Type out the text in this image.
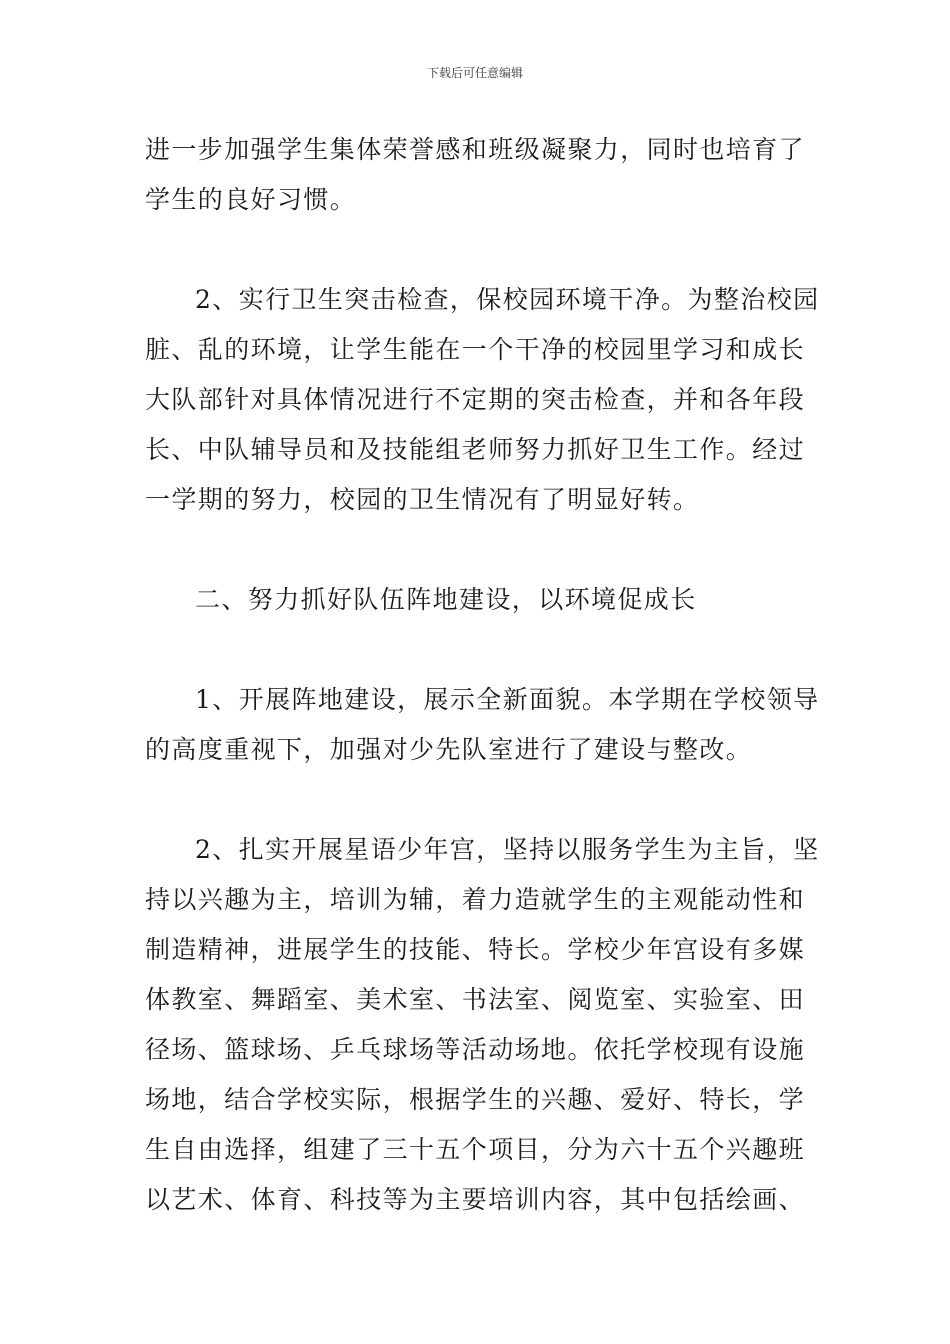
下载后可任意编辑
进一步加强学生集体荣誉感和班级凝聚力，同时也培育了
学生的良好习惯。
2、实行卫生突击检查，保校园环境干净。为整治校园
脏、乱的环境，让学生能在一个干净的校园里学习和成长
大队部针对具体情况进行不定期的突击检查，并和各年段
长、中队辅导员和及技能组老师努力抓好卫生工作。经过
一学期的努力，校园的卫生情况有了明显好转。
二、努力抓好队伍阵地建设，以环境促成长
1、开展阵地建设，展示全新面貌。本学期在学校领导
的高度重视下，加强对少先队室进行了建设与整改。
2、扎实开展星语少年宫，坚持以服务学生为主旨，坚
持以兴趣为主，培训为辅，着力造就学生的主观能动性和
制造精神，进展学生的技能、特长。学校少年宫设有多媒
体教室、舞蹈室、美术室、书法室、阅览室、实验室、田
径场、篮球场、乒乓球场等活动场地。依托学校现有设施
场地，结合学校实际，根据学生的兴趣、爱好、特长，学
生自由选择，组建了三十五个项目，分为六十五个兴趣班
以艺术、体育、科技等为主要培训内容，其中包括绘画、
